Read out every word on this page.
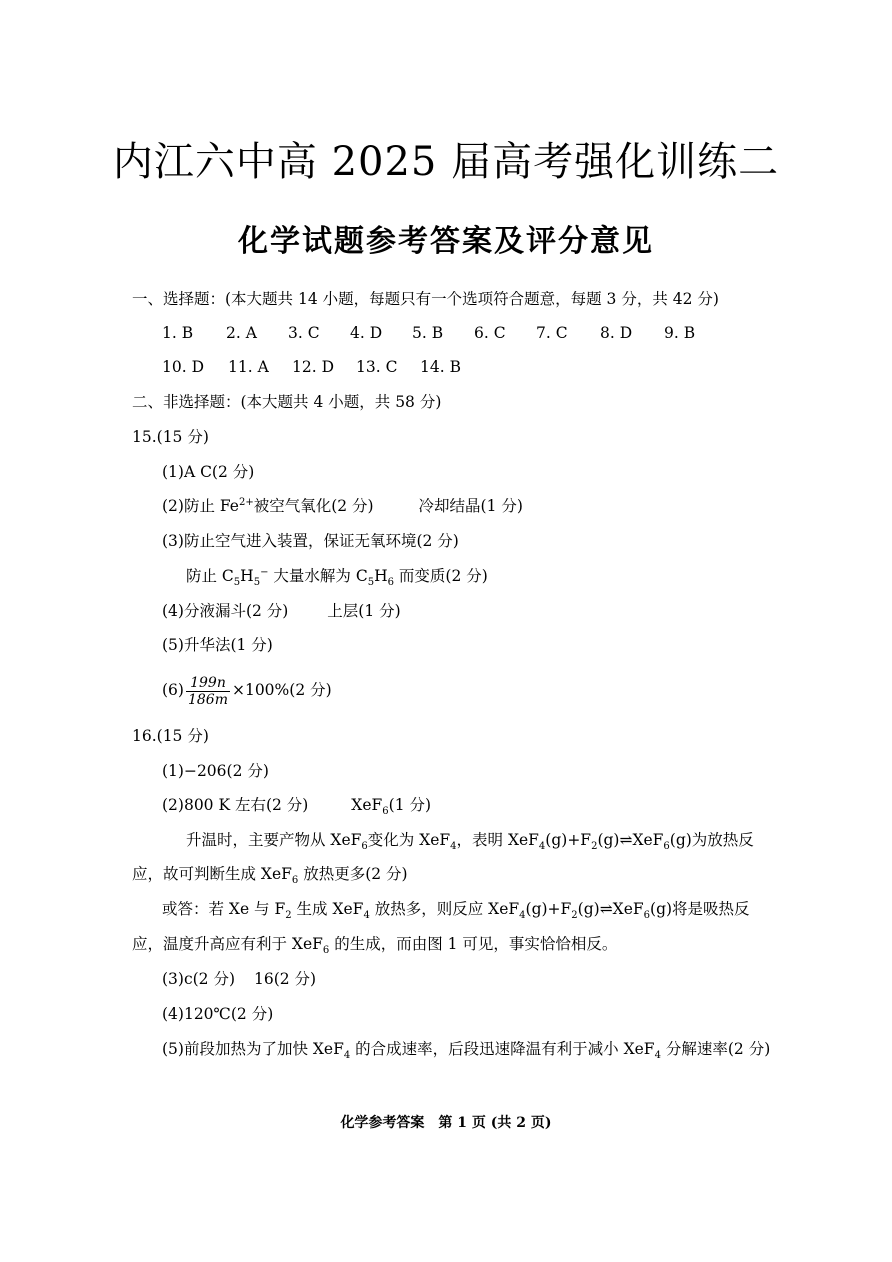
内江六中高 2025 届高考强化训练二
化学试题参考答案及评分意见
一、选择题：(本大题共 14 小题，每题只有一个选项符合题意，每题 3 分，共 42 分)
1. B 2. A 3. C 4. D 5. B 6. C 7. C 8. D 9. B
10. D 11. A 12. D 13. C 14. B
二、非选择题：(本大题共 4 小题，共 58 分)
15.(15 分)
(1)A C(2 分)
(2)防止 $Fe^{2+}$被空气氧化(2 分)	冷却结晶(1 分)
(3)防止空气进入装置，保证无氧环境(2 分)
防止 $C_5H_5^-$ 大量水解为 $C_5H_6$ 而变质(2 分)
(4)分液漏斗(2 分)	上层(1 分)
(5)升华法(1 分)
$(6) \frac{199n}{186m} \times 100\%(2$ 分)
16.(15 分)
(1)−206(2 分)
(2)800 K 左右(2 分)	XeF$_6$(1 分)
升温时，主要产物从 XeF$_6$变化为 XeF$_4$，表明 $XeF_4(g)+F_2(g)\rightleftharpoons XeF_6(g)$为放热反
应，故可判断生成 XeF$_6$ 放热更多(2 分)
或答：若 Xe 与 $F_2$ 生成 XeF$_4$ 放热多，则反应 $XeF_4(g)+F_2(g)\rightleftharpoons XeF_6(g)$将是吸热反
应，温度升高应有利于 XeF$_6$ 的生成，而由图 1 可见，事实恰恰相反。
(3)c(2 分) 16(2 分)
(4)120℃(2 分)
(5)前段加热为了加快 XeF$_4$ 的合成速率，后段迅速降温有利于减小 XeF$_4$ 分解速率(2 分)
化学参考答案　第 1 页 (共 2 页)
